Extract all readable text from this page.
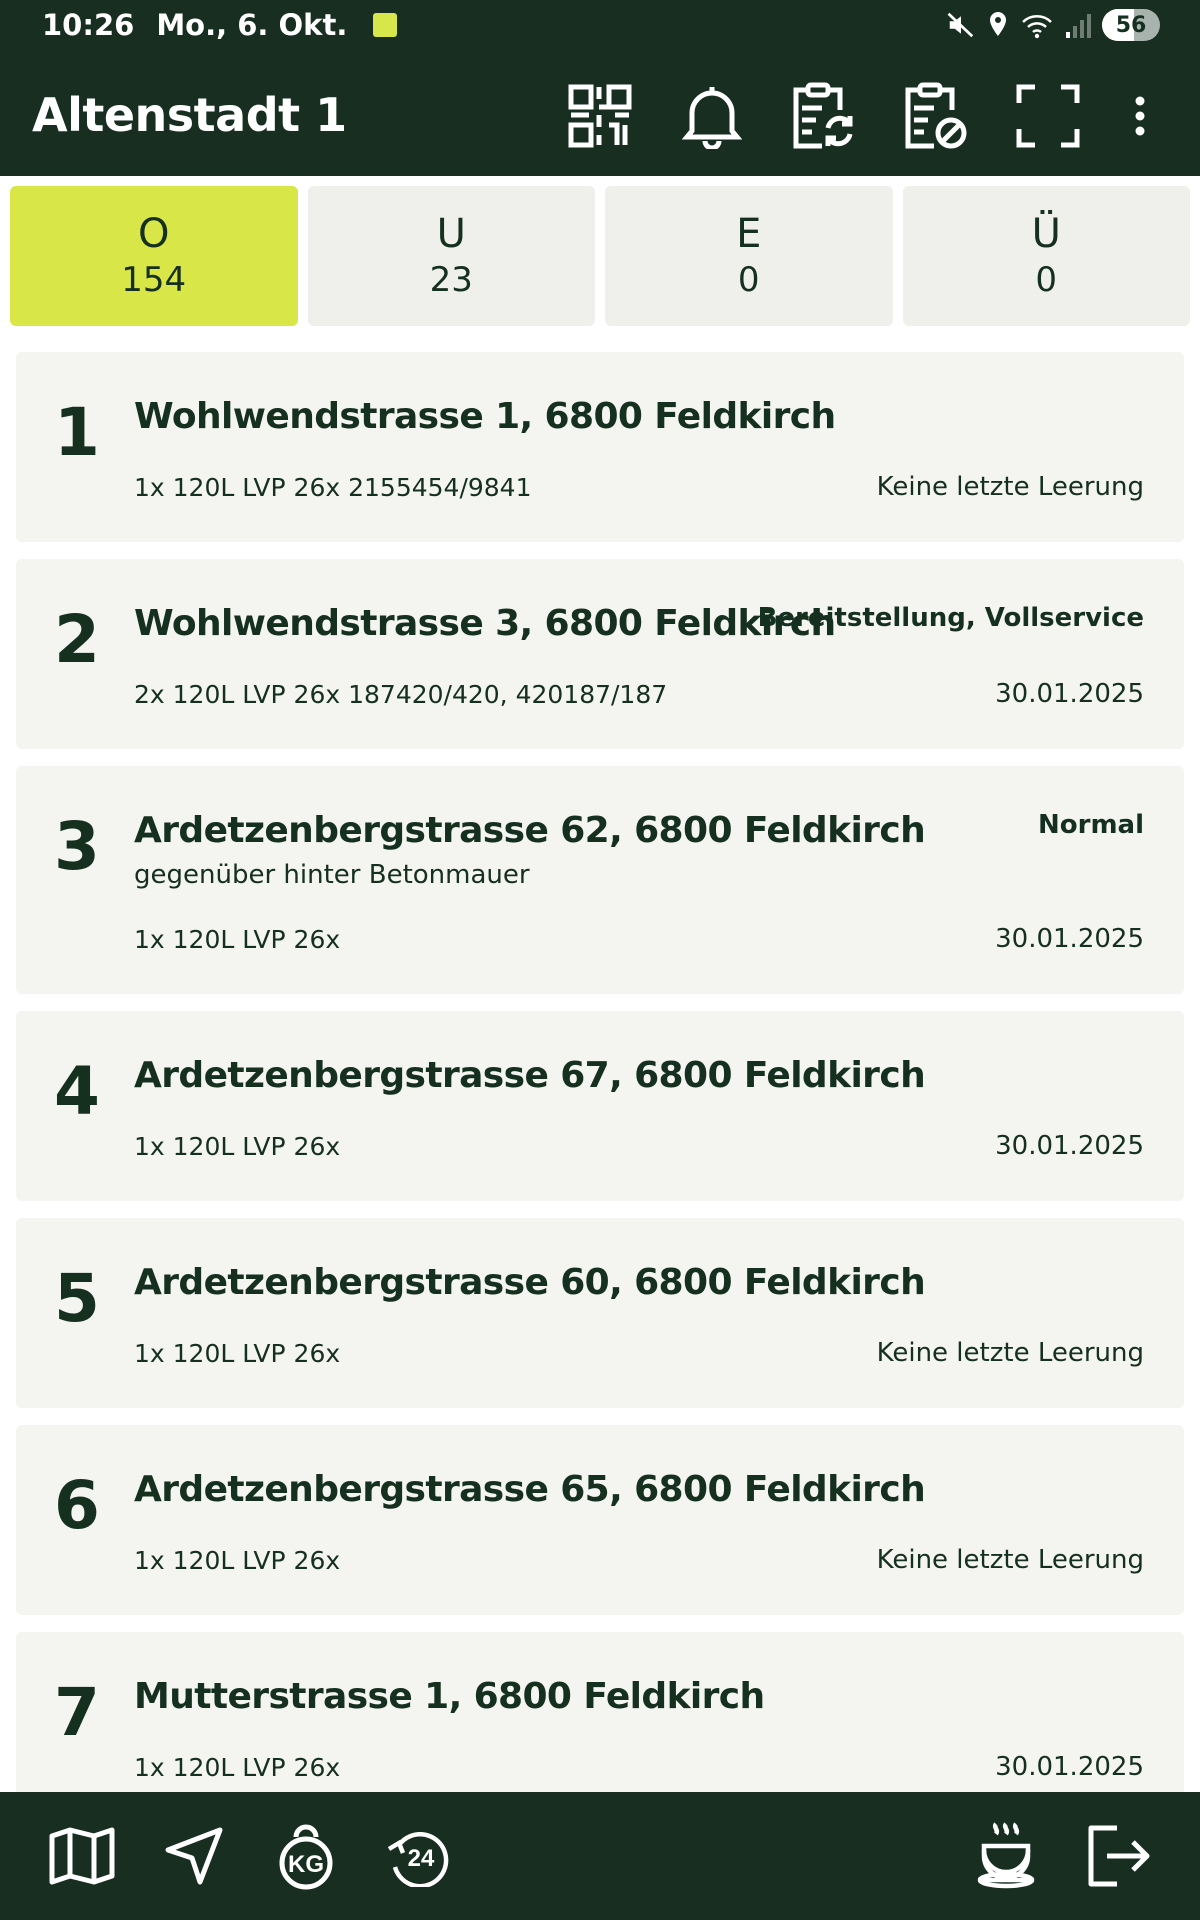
10:26 Mo., 6. Okt.	56
Altenstadt 1
O
154
U
23
E
0
Ü
0
1 Wohlwendstrasse 1, 6800 Feldkirch
1x 120L LVP 26x 2155454/9841	Keine letzte Leerung
2 Wohlwendstrasse 3, 6800 Feldkirch
Bereitstellung, Vollservice
2x 120L LVP 26x 187420/420, 420187/187	30.01.2025
3 Ardetzenbergstrasse 62, 6800 Feldkirch
gegenüber hinter Betonmauer
Normal
1x 120L LVP 26x	30.01.2025
4 Ardetzenbergstrasse 67, 6800 Feldkirch
1x 120L LVP 26x	30.01.2025
5 Ardetzenbergstrasse 60, 6800 Feldkirch
1x 120L LVP 26x	Keine letzte Leerung
6 Ardetzenbergstrasse 65, 6800 Feldkirch
1x 120L LVP 26x	Keine letzte Leerung
7 Mutterstrasse 1, 6800 Feldkirch
1x 120L LVP 26x	30.01.2025
KG	24
